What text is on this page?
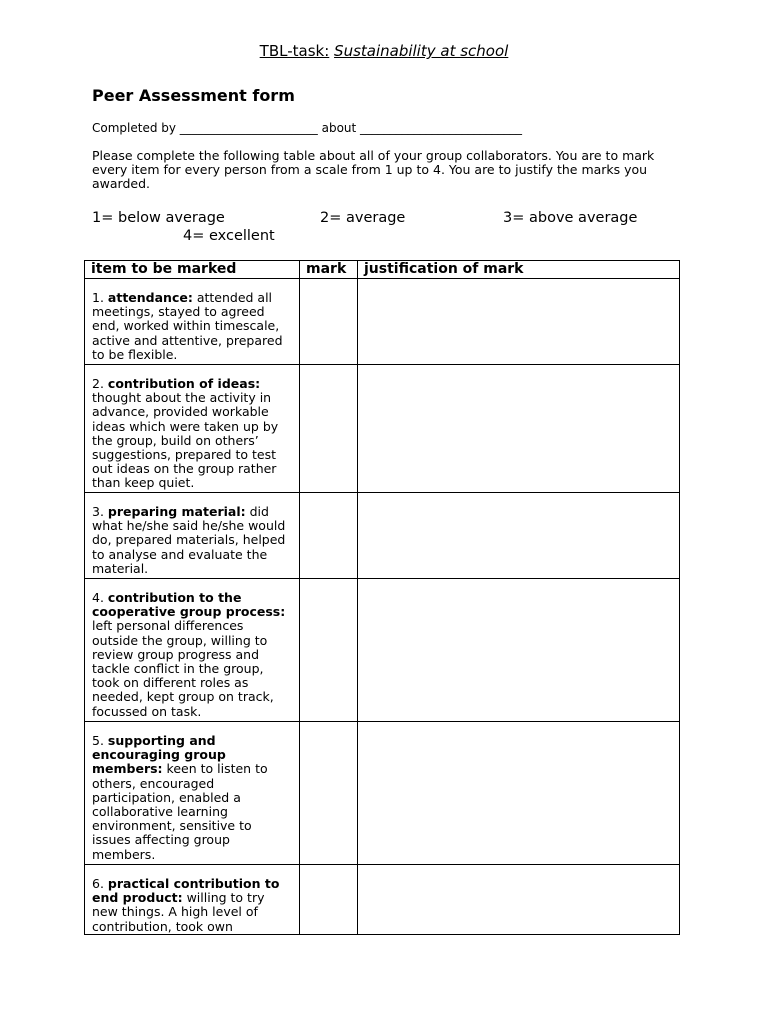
TBL-task: Sustainability at school
Peer Assessment form
Completed by _______________________ about ___________________________
Please complete the following table about all of your group collaborators. You are to mark every item for every person from a scale from 1 up to 4. You are to justify the marks you awarded.
1= below average	2= average	3= above average
4= excellent
item to be marked	mark	justification of mark
1. attendance: attended all meetings, stayed to agreed end, worked within timescale, active and attentive, prepared to be flexible.		
2. contribution of ideas: thought about the activity in advance, provided workable ideas which were taken up by the group, build on others’ suggestions, prepared to test out ideas on the group rather than keep quiet.		
3. preparing material: did what he/she said he/she would do, prepared materials, helped to analyse and evaluate the material.		
4. contribution to the cooperative group process: left personal differences outside the group, willing to review group progress and tackle conflict in the group, took on different roles as needed, kept group on track, focussed on task.		
5. supporting and encouraging group members: keen to listen to others, encouraged participation, enabled a collaborative learning environment, sensitive to issues affecting group members.		
6. practical contribution to end product: willing to try new things. A high level of contribution, took own		
